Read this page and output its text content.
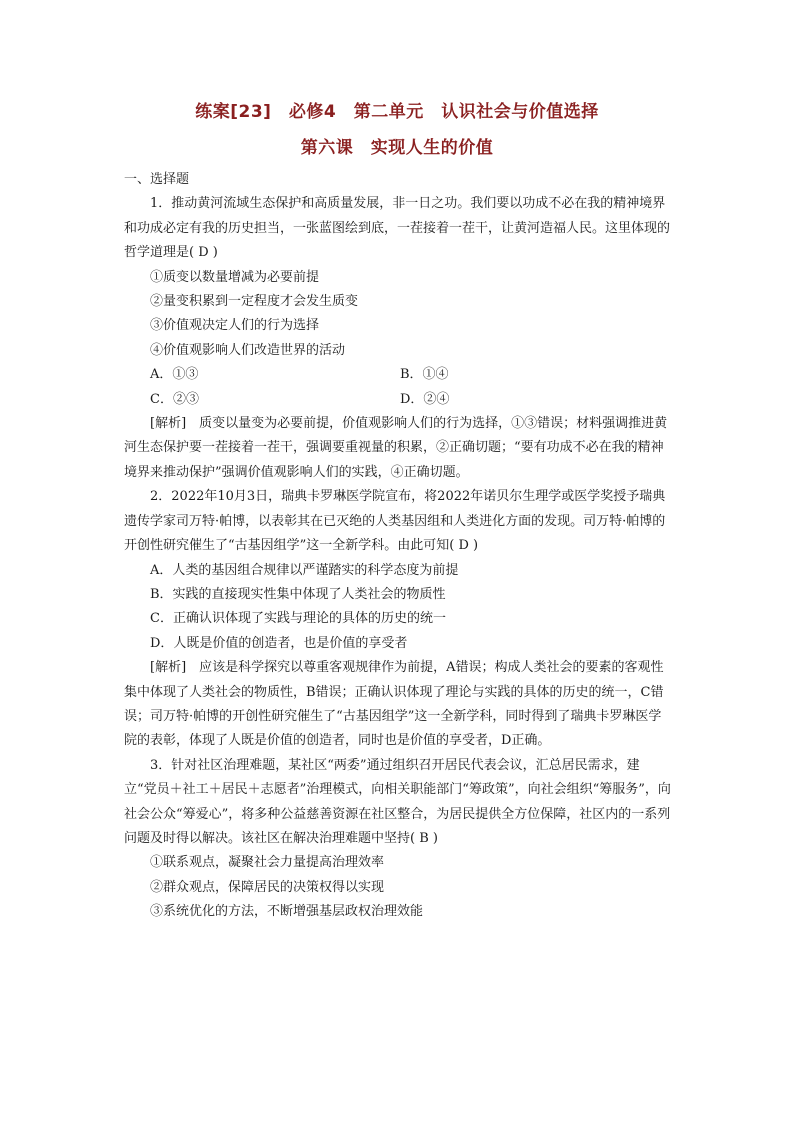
练案[23]　必修4　第二单元　认识社会与价值选择
第六课　实现人生的价值

一、选择题

1．推动黄河流域生态保护和高质量发展，非一日之功。我们要以功成不必在我的精神境界和功成必定有我的历史担当，一张蓝图绘到底，一茬接着一茬干，让黄河造福人民。这里体现的哲学道理是( D )

①质变以数量增减为必要前提

②量变积累到一定程度才会发生质变

③价值观决定人们的行为选择

④价值观影响人们改造世界的活动

A．①③	B．①④
C．②③	D．②④

[解析]　质变以量变为必要前提，价值观影响人们的行为选择，①③错误；材料强调推进黄河生态保护要一茬接着一茬干，强调要重视量的积累，②正确切题；“要有功成不必在我的精神境界来推动保护”强调价值观影响人们的实践，④正确切题。

2．2022年10月3日，瑞典卡罗琳医学院宣布，将2022年诺贝尔生理学或医学奖授予瑞典遗传学家司万特·帕博，以表彰其在已灭绝的人类基因组和人类进化方面的发现。司万特·帕博的开创性研究催生了“古基因组学”这一全新学科。由此可知( D )

A．人类的基因组合规律以严谨踏实的科学态度为前提

B．实践的直接现实性集中体现了人类社会的物质性

C．正确认识体现了实践与理论的具体的历史的统一

D．人既是价值的创造者，也是价值的享受者

[解析]　应该是科学探究以尊重客观规律作为前提，A错误；构成人类社会的要素的客观性集中体现了人类社会的物质性，B错误；正确认识体现了理论与实践的具体的历史的统一，C错误；司万特·帕博的开创性研究催生了“古基因组学”这一全新学科，同时得到了瑞典卡罗琳医学院的表彰，体现了人既是价值的创造者，同时也是价值的享受者，D正确。

3．针对社区治理难题，某社区“两委”通过组织召开居民代表会议，汇总居民需求，建立“党员＋社工＋居民＋志愿者”治理模式，向相关职能部门“筹政策”，向社会组织“筹服务”，向社会公众“筹爱心”，将多种公益慈善资源在社区整合，为居民提供全方位保障，社区内的一系列问题及时得以解决。该社区在解决治理难题中坚持( B )

①联系观点，凝聚社会力量提高治理效率

②群众观点，保障居民的决策权得以实现

③系统优化的方法，不断增强基层政权治理效能
